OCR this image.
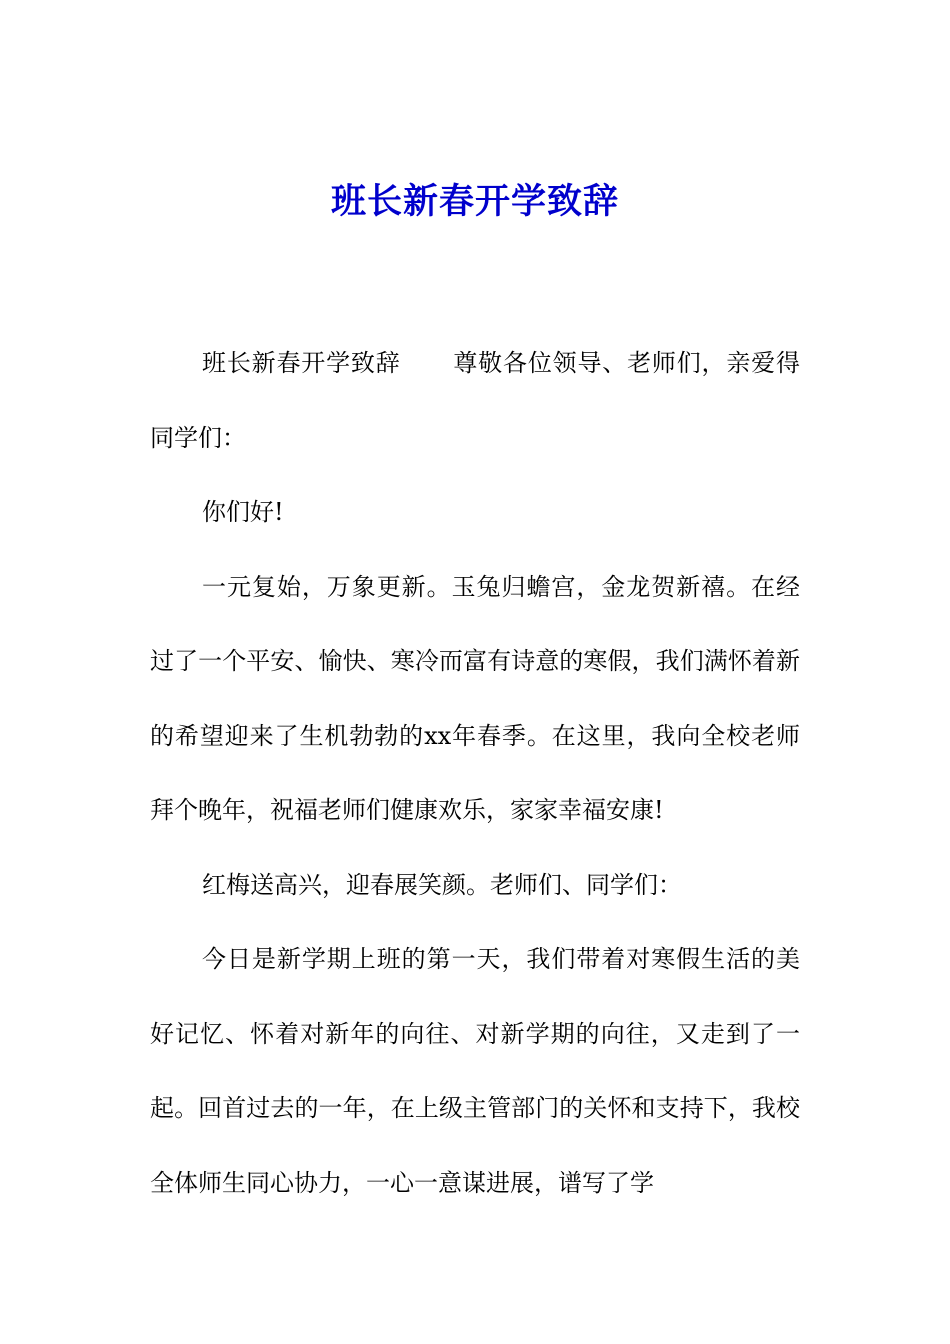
班长新春开学致辞

班长新春开学致辞 尊敬各位领导、老师们，亲爱得同学们：

你们好!

一元复始，万象更新。玉兔归蟾宫，金龙贺新禧。在经过了一个平安、愉快、寒冷而富有诗意的寒假，我们满怀着新的希望迎来了生机勃勃的xx年春季。在这里，我向全校老师拜个晚年，祝福老师们健康欢乐，家家幸福安康!

红梅送高兴，迎春展笑颜。老师们、同学们：

今日是新学期上班的第一天，我们带着对寒假生活的美好记忆、怀着对新年的向往、对新学期的向往，又走到了一起。回首过去的一年，在上级主管部门的关怀和支持下，我校全体师生同心协力，一心一意谋进展，谱写了学
